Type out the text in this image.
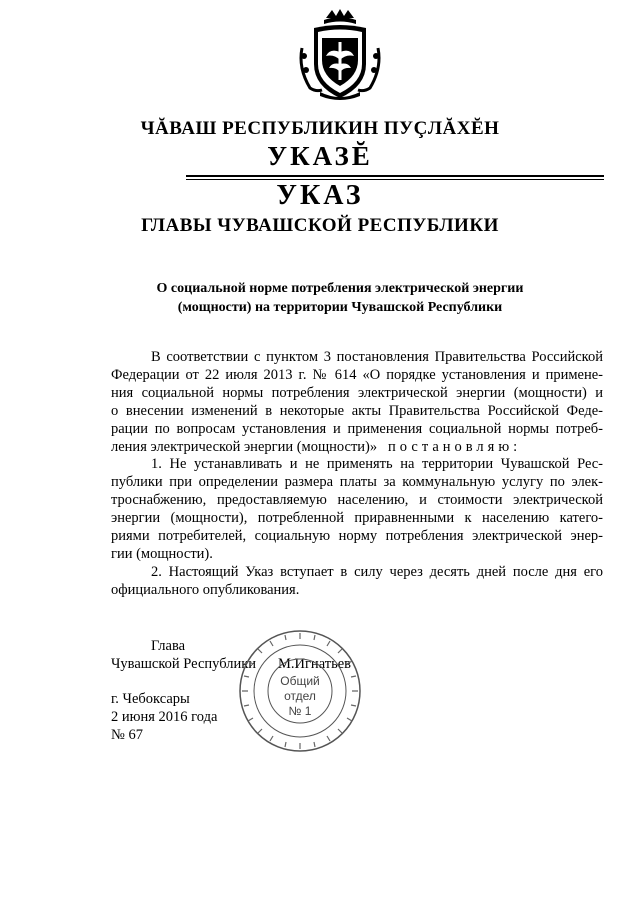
ЧĂВАШ РЕСПУБЛИКИН ПУÇЛĂХĔН
УКАЗĔ
УКАЗ
ГЛАВЫ ЧУВАШСКОЙ РЕСПУБЛИКИ
О социальной норме потребления электрической энергии
(мощности) на территории Чувашской Республики
В соответствии с пунктом 3 постановления Правительства Российской
Федерации от 22 июля 2013 г. № 614 «О порядке установления и примене-
ния социальной нормы потребления электрической энергии (мощности) и
о внесении изменений в некоторые акты Правительства Российской Феде-
рации по вопросам установления и применения социальной нормы потреб-
ления электрической энергии (мощности)» постановляю:
1. Не устанавливать и не применять на территории Чувашской Рес-
публики при определении размера платы за коммунальную услугу по элек-
троснабжению, предоставляемую населению, и стоимости электрической
энергии (мощности), потребленной приравненными к населению катего-
риями потребителей, социальную норму потребления электрической энер-
гии (мощности).
2. Настоящий Указ вступает в силу через десять дней после дня его
официального опубликования.
Глава
Чувашской Республики	М.Игнатьев
г. Чебоксары
2 июня 2016 года
№ 67
Общий
отдел
№ 1
